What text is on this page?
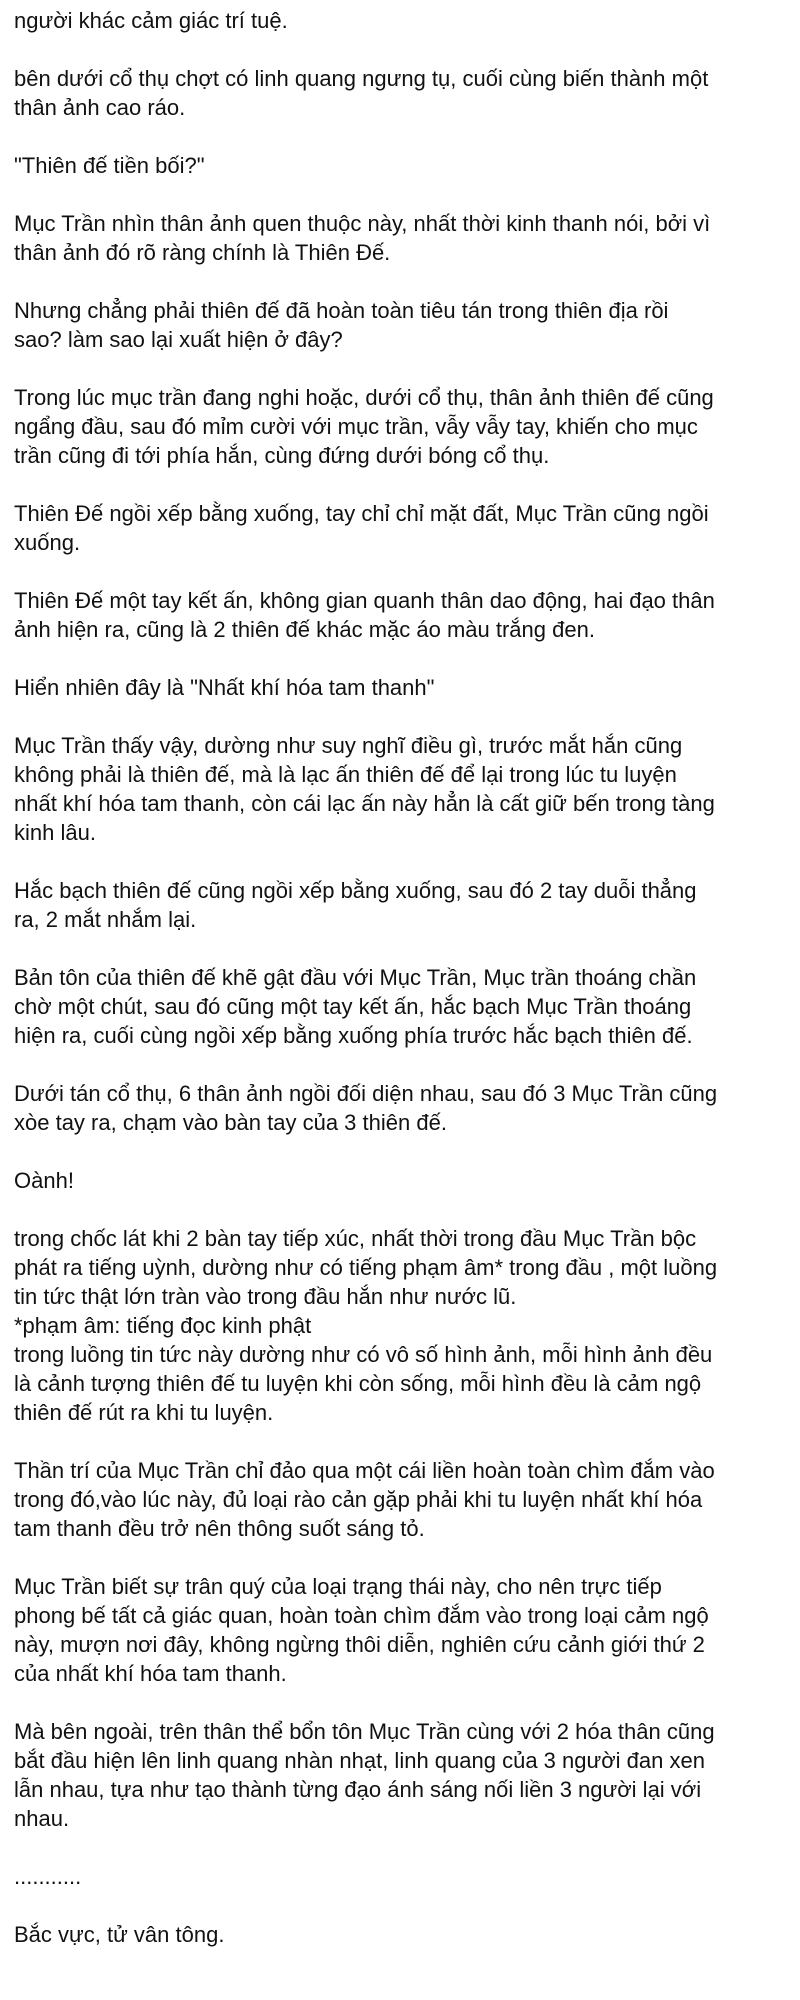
người khác cảm giác trí tuệ.

bên dưới cổ thụ chợt có linh quang ngưng tụ, cuối cùng biến thành một
thân ảnh cao ráo.

"Thiên đế tiền bối?"

Mục Trần nhìn thân ảnh quen thuộc này, nhất thời kinh thanh nói, bởi vì
thân ảnh đó rõ ràng chính là Thiên Đế.

Nhưng chẳng phải thiên đế đã hoàn toàn tiêu tán trong thiên địa rồi
sao? làm sao lại xuất hiện ở đây?

Trong lúc mục trần đang nghi hoặc, dưới cổ thụ, thân ảnh thiên đế cũng
ngẩng đầu, sau đó mỉm cười với mục trần, vẫy vẫy tay, khiến cho mục
trần cũng đi tới phía hắn, cùng đứng dưới bóng cổ thụ.

Thiên Đế ngồi xếp bằng xuống, tay chỉ chỉ mặt đất, Mục Trần cũng ngồi
xuống.

Thiên Đế một tay kết ấn, không gian quanh thân dao động, hai đạo thân
ảnh hiện ra, cũng là 2 thiên đế khác mặc áo màu trắng đen.

Hiển nhiên đây là "Nhất khí hóa tam thanh"

Mục Trần thấy vậy, dường như suy nghĩ điều gì, trước mắt hắn cũng
không phải là thiên đế, mà là lạc ấn thiên đế để lại trong lúc tu luyện
nhất khí hóa tam thanh, còn cái lạc ấn này hẳn là cất giữ bến trong tàng
kinh lâu.

Hắc bạch thiên đế cũng ngồi xếp bằng xuống, sau đó 2 tay duỗi thẳng
ra, 2 mắt nhắm lại.

Bản tôn của thiên đế khẽ gật đầu với Mục Trần, Mục trần thoáng chần
chờ một chút, sau đó cũng một tay kết ấn, hắc bạch Mục Trần thoáng
hiện ra, cuối cùng ngồi xếp bằng xuống phía trước hắc bạch thiên đế.

Dưới tán cổ thụ, 6 thân ảnh ngồi đối diện nhau, sau đó 3 Mục Trần cũng
xòe tay ra, chạm vào bàn tay của 3 thiên đế.

Oành!

trong chốc lát khi 2 bàn tay tiếp xúc, nhất thời trong đầu Mục Trần bộc
phát ra tiếng uỳnh, dường như có tiếng phạm âm* trong đầu , một luồng
tin tức thật lớn tràn vào trong đầu hắn như nước lũ.
*phạm âm: tiếng đọc kinh phật
trong luồng tin tức này dường như có vô số hình ảnh, mỗi hình ảnh đều
là cảnh tượng thiên đế tu luyện khi còn sống, mỗi hình đều là cảm ngộ
thiên đế rút ra khi tu luyện.

Thần trí của Mục Trần chỉ đảo qua một cái liền hoàn toàn chìm đắm vào
trong đó,vào lúc này, đủ loại rào cản gặp phải khi tu luyện nhất khí hóa
tam thanh đều trở nên thông suốt sáng tỏ.

Mục Trần biết sự trân quý của loại trạng thái này, cho nên trực tiếp
phong bế tất cả giác quan, hoàn toàn chìm đắm vào trong loại cảm ngộ
này, mượn nơi đây, không ngừng thôi diễn, nghiên cứu cảnh giới thứ 2
của nhất khí hóa tam thanh.

Mà bên ngoài, trên thân thể bổn tôn Mục Trần cùng với 2 hóa thân cũng
bắt đầu hiện lên linh quang nhàn nhạt, linh quang của 3 người đan xen
lẫn nhau, tựa như tạo thành từng đạo ánh sáng nối liền 3 người lại với
nhau.

...........

Bắc vực, tử vân tông.
